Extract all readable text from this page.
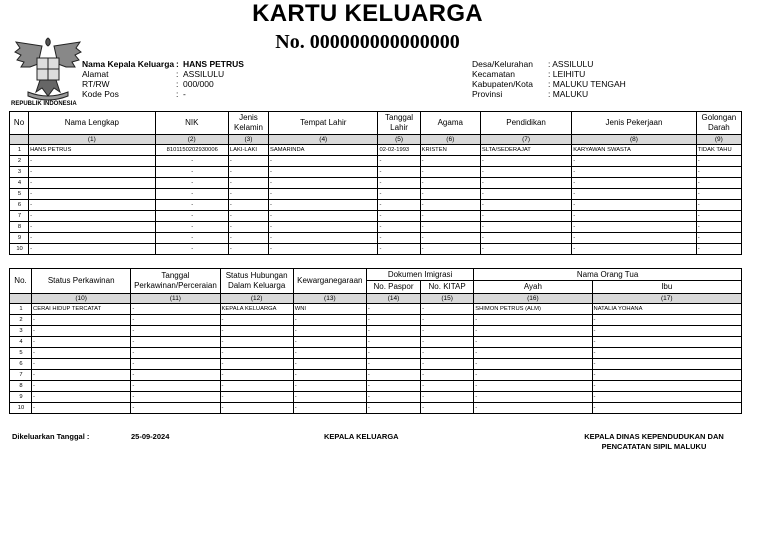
KARTU KELUARGA
No. 000000000000000
REPUBLIK INDONESIA
Nama Kepala Keluarga : HANS PETRUS
Alamat	: ASSILULU
RT/RW	: 000/000
Kode Pos	: -
Desa/Kelurahan	: ASSILULU
Kecamatan	: LEIHITU
Kabupaten/Kota	: MALUKU TENGAH
Provinsi	: MALUKU
No	Nama Lengkap	NIK	Jenis Kelamin	Tempat Lahir	Tanggal Lahir	Agama	Pendidikan	Jenis Pekerjaan	Golongan Darah
	(1)	(2)	(3)	(4)	(5)	(6)	(7)	(8)	(9)
1	HANS PETRUS	8101150202930006	LAKI-LAKI	SAMARINDA	02-02-1993	KRISTEN	SLTA/SEDERAJAT	KARYAWAN SWASTA	TIDAK TAHU
2	-	-	-	-	-	-	-	-	-
3	-	-	-	-	-	-	-	-	-
4	-	-	-	-	-	-	-	-	-
5	-	-	-	-	-	-	-	-	-
6	-	-	-	-	-	-	-	-	-
7	-	-	-	-	-	-	-	-	-
8	-	-	-	-	-	-	-	-	-
9	-	-	-	-	-	-	-	-	-
10	-	-	-	-	-	-	-	-	-
No.	Status Perkawinan	Tanggal Perkawinan/Perceraian	Status Hubungan Dalam Keluarga	Kewarganegaraan	Dokumen Imigrasi		Nama Orang Tua	
					No. Paspor	No. KITAP	Ayah	Ibu
	(10)	(11)	(12)	(13)	(14)	(15)	(16)	(17)
1	CERAI HIDUP TERCATAT	-	KEPALA KELUARGA	WNI	-	-	SHIMON PETRUS (ALM)	NATALIA YOHANA
2	-	-	-	-	-	-	-	-
3	-	-	-	-	-	-	-	-
4	-	-	-	-	-	-	-	-
5	-	-	-	-	-	-	-	-
6	-	-	-	-	-	-	-	-
7	-	-	-	-	-	-	-	-
8	-	-	-	-	-	-	-	-
9	-	-	-	-	-	-	-	-
10	-	-	-	-	-	-	-	-
Dikeluarkan Tanggal :	25-09-2024	KEPALA KELUARGA	KEPALA DINAS KEPENDUDUKAN DAN
PENCATATAN SIPIL MALUKU
